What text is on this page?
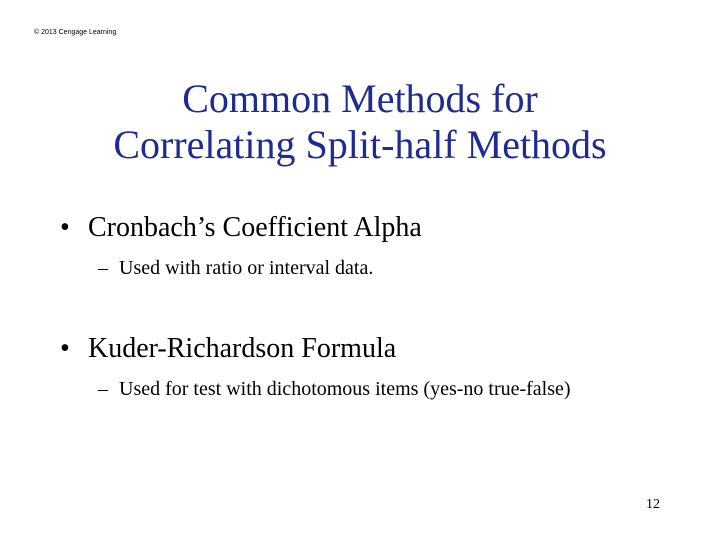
© 2013 Cengage Learning
Common Methods for
Correlating Split-half Methods
• Cronbach’s Coefficient Alpha
– Used with ratio or interval data.
• Kuder-Richardson Formula
– Used for test with dichotomous items (yes-no true-false)
12
